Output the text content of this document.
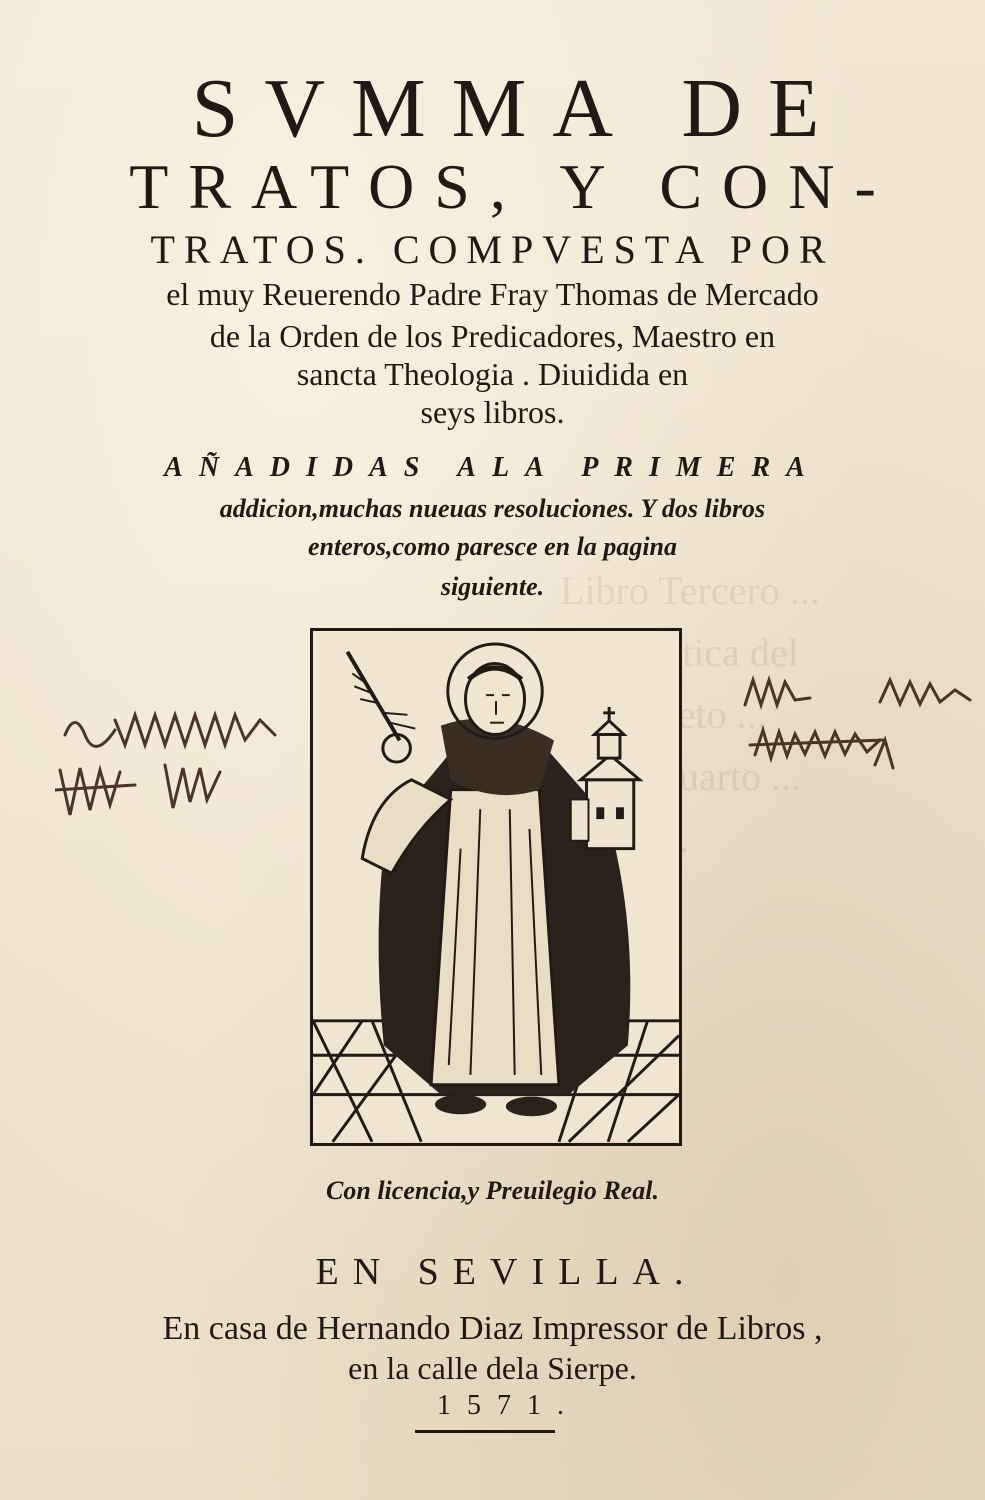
Libro Tercero ... Pragmatica del
...
Libro quarto ...
SVMMA DE
TRATOS, Y CON-
TRATOS. COMPVESTA POR
el muy Reuerendo Padre Fray Thomas de Mercado
de la Orden de los Predicadores, Maestro en
sancta Theologia . Diuidida en
seys libros.
AÑADIDAS ALA PRIMERA
addicion,muchas nueuas resoluciones. Y dos libros
enteros,como paresce en la pagina
siguiente.
Con licencia,y Preuilegio Real.
EN SEVILLA.
En casa de Hernando Diaz Impressor de Libros ,
en la calle dela Sierpe.
1571.
